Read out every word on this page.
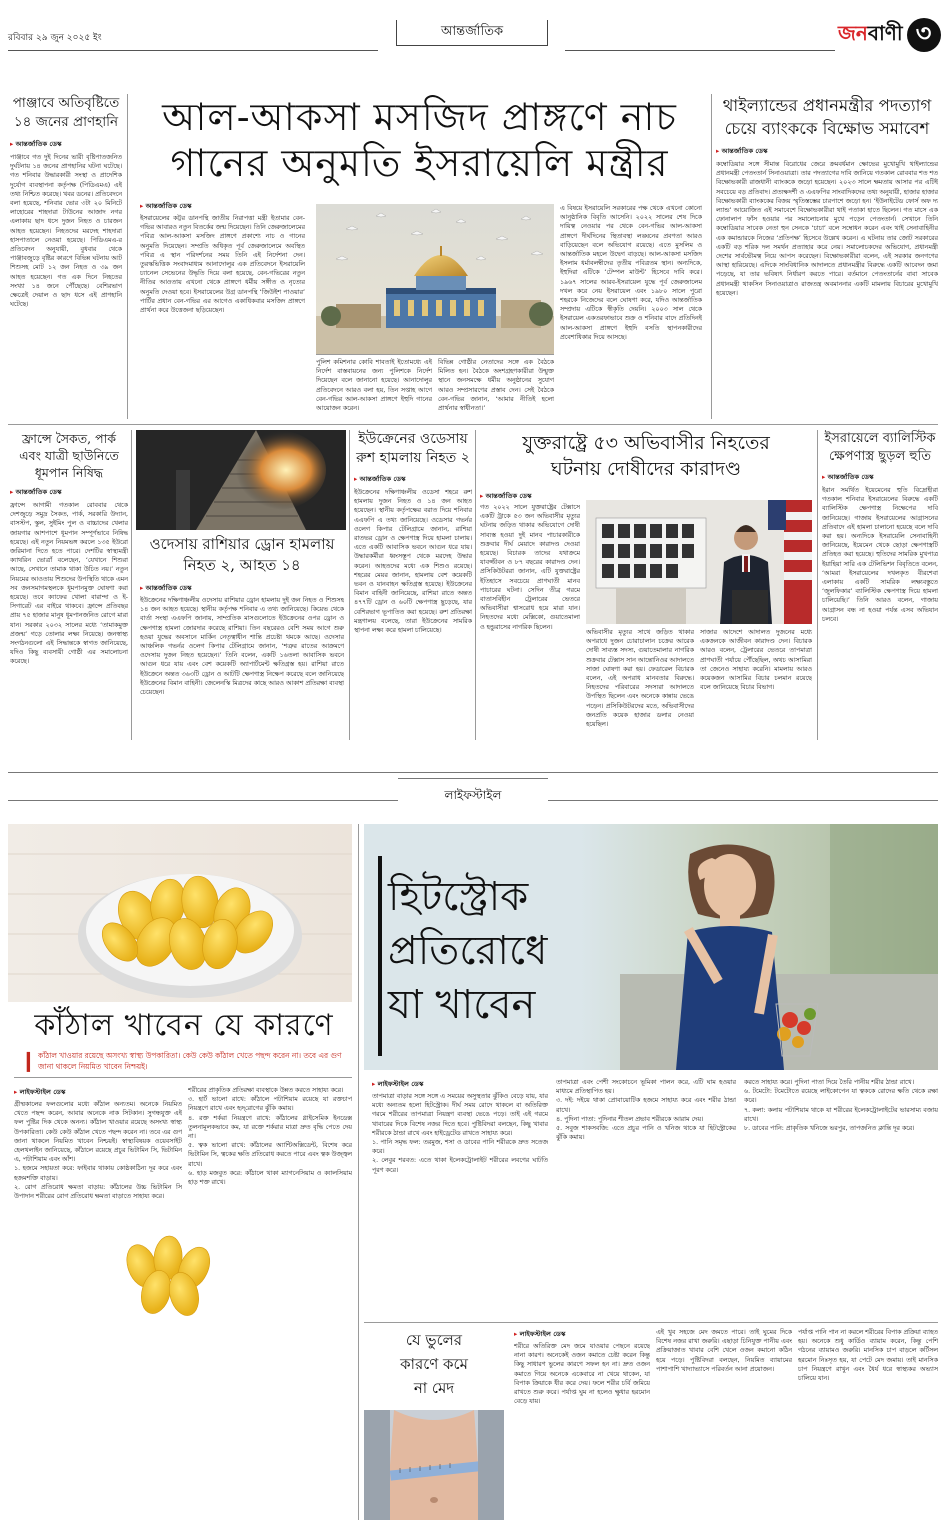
রবিবার ২৯ জুন ২০২৫ ইং	আন্তর্জাতিক	জন বাণী ৩
পাঞ্জাবে অতিবৃষ্টিতে ১৪ জনের প্রাণহানি
▸ আন্তর্জাতিক ডেস্ক
পাঞ্জাবে গত দুই দিনের ভারী বৃষ্টিপাতজনিত দুর্ঘটনায় ১৪ জনের প্রাণহানির ঘটনা ঘটেছে। গত শনিবার উদ্ধারকারী সংস্থা ও প্রাদেশিক দুর্যোগ ব্যবস্থাপনা কর্তৃপক্ষ (পিডিএমএ) এই তথ্য নিশ্চিত করেছে। খবর ডনের। প্রতিবেদনে বলা হয়েছে, শনিবার ভোর ৩টা ২০ মিনিটে লাহোরের শাহদারা টাউনের আজাদ নগর এলাকায় ছাদ ধসে দুজন নিহত ও চারজন আহত হয়েছেন। নিহতদের মরদেহ শাহদারা হাসপাতালে নেওয়া হয়েছে। পিডিএমএ-র প্রতিবেদন অনুযায়ী, বুধবার থেকে পাঞ্জাবজুড়ে বৃষ্টির কারণে বিভিন্ন ঘটনায় আট শিশুসহ মোট ১২ জন নিহত ও ৩৯ জন আহত হয়েছেন। গত এক দিনে নিহতের সংখ্যা ১৪ জনে পৌঁছেছে। বেশিরভাগ ক্ষেত্রেই দেয়াল ও ছাদ ধসে এই প্রাণহানি ঘটেছে।
আল-আকসা মসজিদ প্রাঙ্গণে নাচ
গানের অনুমতি ইসরায়েলি মন্ত্রীর
▸ আন্তর্জাতিক ডেস্ক
ইসরায়েলের কট্টর ডানপন্থি জাতীয় নিরাপত্তা মন্ত্রী ইতামার বেন-গভির আবারও নতুন বিতর্কের জন্ম দিয়েছেন। তিনি জেরুজালেমের পবিত্র আল-আকসা মসজিদ প্রাঙ্গণে প্রকাশ্যে নাচ ও গানের অনুমতি দিয়েছেন। সম্প্রতি অধিকৃত পূর্ব জেরুজালেমে অবস্থিত পবিত্র এ স্থান পরিদর্শনের সময় তিনি এই নির্দেশনা দেন। তুরস্কভিত্তিক সংবাদমাধ্যম আনাদোলুর এক প্রতিবেদনে ইসরায়েলি চ্যানেল সেভেনের উদ্ধৃতি দিয়ে বলা হয়েছে, বেন-গভিরের নতুন নীতির আওতায় এখনো থেকে প্রাঙ্গণে ধর্মীয় সঙ্গীত ও নৃত্যের অনুমতি দেওয়া হবে। ইসরায়েলের উগ্র ডানপন্থি ‘জিউইশ পাওয়ার’ পার্টির প্রধান বেন-গভির এর আগেও একাধিকবার মসজিদ প্রাঙ্গণে প্রার্থনা করে উত্তেজনা ছড়িয়েছেন।
পুলিশ কমিশনার কোবি শাবতাই ইতোমধ্যে এই নির্দেশ বাস্তবায়নের জন্য পুলিশকে নির্দেশ দিয়েছেন বলে জানানো হয়েছে। আনাদোলুর প্রতিবেদনে আরও বলা হয়, তিন সপ্তাহ আগে বেন-গভির আল-আকসা প্রাঙ্গণে ইহুদি গানের আয়োজন করেন।
বিভিন্ন গোষ্ঠীর নেতাদের সঙ্গে এক বৈঠকে মিলিত হন। বৈঠকে অংশগ্রহণকারীরা উন্মুক্ত স্থানে জনসমক্ষে ধর্মীয় অনুষ্ঠানের সুযোগ আরও সম্প্রসারণের প্রস্তাব দেন। সেই বৈঠকে বেন-গভির জানান, ‘আমার নীতিই হলো প্রার্থনার স্বাধীনতা।’
এ বিষয়ে ইসরায়েলি সরকারের পক্ষ থেকে এখনো কোনো আনুষ্ঠানিক বিবৃতি আসেনি। ২০২২ সালের শেষ দিকে দায়িত্ব নেওয়ার পর থেকে বেন-গভির আল-আকসা প্রাঙ্গণে দীর্ঘদিনের স্থিতাবস্থা লঙ্ঘনের প্রবণতা আরও বাড়িয়েছেন বলে অভিযোগ রয়েছে। এতে মুসলিম ও আন্তর্জাতিক মহলে উদ্বেগ বাড়ছে। আল-আকসা মসজিদ ইসলাম ধর্মাবলম্বীদের তৃতীয় পবিত্রতম স্থান। অন্যদিকে, ইহুদিরা এটিকে ‘টেম্পল মাউন্ট’ হিসেবে দাবি করে। ১৯৬৭ সালের আরব-ইসরায়েল যুদ্ধে পূর্ব জেরুজালেম দখল করে নেয় ইসরায়েল এবং ১৯৮০ সালে পুরো শহরকে নিজেদের বলে ঘোষণা করে, যদিও আন্তর্জাতিক সম্প্রদায় এটিকে স্বীকৃতি দেয়নি। ২০০৩ সাল থেকে ইসরায়েল একতরফাভাবে শুক্র ও শনিবার বাদে প্রতিদিনই আল-আকসা প্রাঙ্গণে ইহুদি বসতি স্থাপনকারীদের প্রবেশাধিকার দিয়ে আসছে।
থাইল্যান্ডের প্রধানমন্ত্রীর পদত্যাগ চেয়ে ব্যাংককে বিক্ষোভ সমাবেশ
▸ আন্তর্জাতিক ডেস্ক
কম্বোডিয়ার সঙ্গে সীমান্ত বিরোধের জেরে ক্রমবর্ধমান ক্ষোভের মুখোমুখি থাইল্যান্ডের প্রধানমন্ত্রী পেতংতার্ন সিনাওয়াত্রা। তার পদত্যাগের দাবি জানিয়ে গতকাল রোববার শত শত বিক্ষোভকারী রাজধানী ব্যাংককে জড়ো হয়েছেন। ২০২৩ সালে ক্ষমতায় আসার পর এটিই সবচেয়ে বড় প্রতিবাদ। প্রত্যক্ষদর্শী ও এএফপির সাংবাদিকদের তথ্য অনুযায়ী, হাজার হাজার বিক্ষোভকারী ব্যাংককের বিজয় স্মৃতিস্তম্ভের চারপাশে জড়ো হন। ‘ইউনাইটেড ফোর্স অফ দ্য ল্যান্ড’ আয়োজিত এই সমাবেশে বিক্ষোভকারীরা থাই পতাকা হাতে ছিলেন। গত মাসে এক ফোনালাপ ফাঁস হওয়ার পর সমালোচনার মুখে পড়েন পেতংতার্ন। সেখানে তিনি কম্বোডিয়ার সাবেক নেতা হুন সেনকে ‘চাচা’ বলে সম্বোধন করেন এবং থাই সেনাবাহিনীর এক কমান্ডারকে নিজের ‘প্রতিপক্ষ’ হিসেবে উল্লেখ করেন। এ ঘটনায় তার জোট সরকারের একটি বড় শরিক দল সমর্থন প্রত্যাহার করে নেয়। সমালোচকদের অভিযোগ, প্রধানমন্ত্রী দেশের সার্বভৌমত্ব নিয়ে আপস করেছেন। বিক্ষোভকারীরা বলেন, এই সরকার জনগণের আস্থা হারিয়েছে। এদিকে সাংবিধানিক আদালতে প্রধানমন্ত্রীর বিরুদ্ধে একটি আবেদন জমা পড়েছে, যা তার ভবিষ্যৎ নির্ধারণ করতে পারে। বর্তমানে পেতংতার্নের বাবা সাবেক প্রধানমন্ত্রী থাকসিন সিনাওয়াত্রাও রাজতন্ত্র অবমাননার একটি মামলায় বিচারের মুখোমুখি হয়েছেন।
ফ্রান্সে সৈকত, পার্ক এবং যাত্রী ছাউনিতে ধূমপান নিষিদ্ধ
▸ আন্তর্জাতিক ডেস্ক
ফ্রান্সে আগামী গতকাল রোববার থেকে দেশজুড়ে সমুদ্র সৈকত, পার্ক, সরকারি উদ্যান, বাসস্টপ, স্কুল, সুইমিং পুল ও বাচ্চাদের খেলার জায়গার আশপাশে ধূমপান সম্পূর্ণভাবে নিষিদ্ধ হয়েছে। এই নতুন নিয়মভঙ্গ করলে ১৩৫ ইউরো জরিমানা দিতে হতে পারে। দেশটির স্বাস্থ্যমন্ত্রী ক্যাথরিন ভোত্রাঁ বলেছেন, ‘যেখানে শিশুরা আছে, সেখানে তামাক থাকা উচিত নয়।’ নতুন নিয়মের আওতায় শিশুদের উপস্থিতি থাকে এমন সব জনসমাগমস্থলকে ধূমপানমুক্ত ঘোষণা করা হয়েছে। তবে ক্যাফের খোলা বারান্দা ও ই-সিগারেট এর বাইরে থাকবে। ফ্রান্সে প্রতিবছর প্রায় ৭৫ হাজার মানুষ ধূমপানজনিত রোগে মারা যান। সরকার ২০৩২ সালের মধ্যে ‘তামাকমুক্ত প্রজন্ম’ গড়ে তোলার লক্ষ্য নিয়েছে। জনস্বাস্থ্য সংগঠনগুলো এই সিদ্ধান্তকে স্বাগত জানিয়েছে, যদিও কিছু ব্যবসায়ী গোষ্ঠী এর সমালোচনা করেছে।
ওদেসায় রাশিয়ার ড্রোন হামলায় নিহত ২, আহত ১৪
▸ আন্তর্জাতিক ডেস্ক
ইউক্রেনের দক্ষিণাঞ্চলীয় ওদেসায় রাশিয়ার ড্রোন হামলায় দুই জন নিহত ও শিশুসহ ১৪ জন আহত হয়েছে। স্থানীয় কর্তৃপক্ষ শনিবার এ তথ্য জানিয়েছে। কিয়েভ থেকে বার্তা সংস্থা এএফপি জানায়, সাম্প্রতিক মাসগুলোতে ইউক্রেনের ওপর ড্রোন ও ক্ষেপণাস্ত্র হামলা জোরদার করেছে রাশিয়া। তিন বছরেরও বেশি সময় আগে শুরু হওয়া যুদ্ধের অবসানে মার্কিন নেতৃত্বাধীন শান্তি প্রচেষ্টা থমকে আছে। ওদেসার আঞ্চলিক গভর্নর ওলেগ কিপার টেলিগ্রামে জানান, ‘শত্রুর রাতের আক্রমণে ওদেসায় দুজন নিহত হয়েছেন।’ তিনি বলেন, একটি ১৬তলা আবাসিক ভবনে আগুন ধরে যায় এবং বেশ কয়েকটি অ্যাপার্টমেন্ট ক্ষতিগ্রস্ত হয়। রাশিয়া রাতে ইউক্রেনে অন্তত ৩৬৩টি ড্রোন ও আটটি ক্ষেপণাস্ত্র নিক্ষেপ করেছে বলে জানিয়েছে ইউক্রেনের বিমান বাহিনী। জেলেনস্কি মিত্রদের কাছে আরও আকাশ প্রতিরক্ষা ব্যবস্থা চেয়েছেন।
ইউক্রেনের ওডেসায় রুশ হামলায় নিহত ২
▸ আন্তর্জাতিক ডেস্ক
ইউক্রেনের দক্ষিণাঞ্চলীয় ওডেসা শহরে রুশ হামলায় দুজন নিহত ও ১৪ জন আহত হয়েছেন। স্থানীয় কর্তৃপক্ষের বরাত দিয়ে শনিবার এএফপি এ তথ্য জানিয়েছে। ওডেসার গভর্নর ওলেগ কিপার টেলিগ্রামে জানান, রাশিয়া রাতভর ড্রোন ও ক্ষেপণাস্ত্র দিয়ে হামলা চালায়। এতে একটি আবাসিক ভবনে আগুন ধরে যায়। উদ্ধারকর্মীরা ধ্বংসস্তূপ থেকে মরদেহ উদ্ধার করেন। আহতদের মধ্যে এক শিশুও রয়েছে। শহরের মেয়র জানান, হামলায় বেশ কয়েকটি ভবন ও যানবাহন ক্ষতিগ্রস্ত হয়েছে। ইউক্রেনের বিমান বাহিনী জানিয়েছে, রাশিয়া রাতে অন্তত ৪৭৭টি ড্রোন ও ৬০টি ক্ষেপণাস্ত্র ছুড়েছে, যার বেশিরভাগ ভূপাতিত করা হয়েছে। রুশ প্রতিরক্ষা মন্ত্রণালয় বলেছে, তারা ইউক্রেনের সামরিক স্থাপনা লক্ষ্য করে হামলা চালিয়েছে।
যুক্তরাষ্ট্রে ৫৩ অভিবাসীর নিহতের
ঘটনায় দোষীদের কারাদণ্ড
▸ আন্তর্জাতিক ডেস্ক
গত ২০২২ সালে যুক্তরাষ্ট্রের টেক্সাসে একটি ট্রাকে ৫৩ জন অভিবাসীর মৃত্যুর ঘটনায় জড়িত থাকার অভিযোগে দোষী সাব্যস্ত হওয়া দুই মানব পাচারকারীকে শুক্রবার দীর্ঘ মেয়াদে কারাদণ্ড দেওয়া হয়েছে। বিচারক তাদের যথাক্রমে যাবজ্জীবন ও ৮৭ বছরের কারাদণ্ড দেন। প্রসিকিউটররা জানান, এটি যুক্তরাষ্ট্রের ইতিহাসে সবচেয়ে প্রাণঘাতী মানব পাচারের ঘটনা। সেদিন তীব্র গরমে বাতাসবিহীন ট্রেলারের ভেতরে অভিবাসীরা শ্বাসরোধ হয়ে মারা যান। নিহতদের মধ্যে মেক্সিকো, গুয়াতেমালা ও হন্ডুরাসের নাগরিক ছিলেন।
অভিবাসীর মৃত্যুর সাথে জড়িত থাকার অপরাধে দুজন চোরাচালান চক্রের আরেক দোষী সাব্যস্ত সদস্য, গুয়াতেমালার নাগরিক শুক্রবার টেক্সাস সান আন্তোনিওর আদালতে সাজা ঘোষণা করা হয়। ফেডারেল বিচারক বলেন, এই অপরাধ মানবতার বিরুদ্ধে। নিহতদের পরিবারের সদস্যরা আদালতে উপস্থিত ছিলেন এবং অনেকে কান্নায় ভেঙে পড়েন। প্রসিকিউটরদের মতে, অভিবাসীদের জনপ্রতি কয়েক হাজার ডলার নেওয়া হয়েছিল।
সাজার আদেশে আদালত দুজনের মধ্যে একজনকে আজীবন কারাদণ্ড দেন। বিচারক আরও বলেন, ট্রেলারের ভেতরে তাপমাত্রা প্রাণঘাতী পর্যায়ে পৌঁছেছিল, অথচ আসামিরা তা জেনেও সাহায্য করেনি। মামলায় আরও কয়েকজন আসামির বিচার চলমান রয়েছে বলে জানিয়েছে বিচার বিভাগ।
ইসরায়েলে ব্যালিস্টিক ক্ষেপণাস্ত্র ছুড়ল হুতি
▸ আন্তর্জাতিক ডেস্ক
ইরান সমর্থিত ইয়েমেনের হুতি বিদ্রোহীরা গতকাল শনিবার ইসরায়েলের বিরুদ্ধে একটি ব্যালিস্টিক ক্ষেপণাস্ত্র নিক্ষেপের দাবি জানিয়েছে। গাজায় ইসরায়েলের আগ্রাসনের প্রতিবাদে এই হামলা চালানো হয়েছে বলে দাবি করা হয়। অন্যদিকে ইসরায়েলি সেনাবাহিনী জানিয়েছে, ইয়েমেন থেকে ছোড়া ক্ষেপণাস্ত্রটি প্রতিহত করা হয়েছে। হুতিদের সামরিক মুখপাত্র ইয়াহিয়া সারি এক টেলিভিশন বিবৃতিতে বলেন, ‘আমরা ইসরায়েলের দখলকৃত বীরশেবা এলাকায় একটি সামরিক লক্ষ্যবস্তুতে ‘জুলফিকার’ ব্যালিস্টিক ক্ষেপণাস্ত্র দিয়ে হামলা চালিয়েছি।’ তিনি আরও বলেন, গাজায় আগ্রাসন বন্ধ না হওয়া পর্যন্ত এসব অভিযান চলবে।
লাইফস্টাইল
কাঁঠাল খাবেন যে কারণে
❙ কাঁঠাল খাওয়ার রয়েছে অসংখ্য স্বাস্থ্য উপকারিতা। কেউ কেউ কাঁঠাল খেতে পছন্দ করেন না। তবে এর গুণ জানা থাকলে নিয়মিত খাবেন নিশ্চয়ই।
▸ লাইফস্টাইল ডেস্ক
গ্রীষ্মকালের ফলগুলোর মধ্যে কাঁঠাল অন্যতম। অনেকে নিয়মিত খেতে পছন্দ করেন, আবার অনেকে নাক সিটকান। সুগন্ধযুক্ত এই ফল পুষ্টির দিক থেকে অনন্য। কাঁঠাল খাওয়ার রয়েছে অসংখ্য স্বাস্থ্য উপকারিতা। কেউ কেউ কাঁঠাল খেতে পছন্দ করেন না। তবে এর গুণ জানা থাকলে নিয়মিত খাবেন নিশ্চয়ই। স্বাস্থ্যবিষয়ক ওয়েবসাইট হেলথলাইন জানিয়েছে, কাঁঠালে রয়েছে প্রচুর ভিটামিন সি, ভিটামিন এ, পটাশিয়াম এবং আঁশ।
১. হজমে সহায়তা করে: ফাইবার থাকায় কোষ্ঠকাঠিন্য দূর করে এবং হজমশক্তি বাড়ায়।
২. রোগ প্রতিরোধ ক্ষমতা বাড়ায়: কাঁঠালের উচ্চ ভিটামিন সি উপাদান শরীরের রোগ প্রতিরোধ ক্ষমতা বাড়াতে সাহায্য করে।
শরীরের প্রাকৃতিক প্রতিরক্ষা ব্যবস্থাকে উন্নত করতে সাহায্য করে।
৩. হার্ট ভালো রাখে: কাঁঠালে পটাশিয়াম রয়েছে যা রক্তচাপ নিয়ন্ত্রণে রাখে এবং হৃদ্‌রোগের ঝুঁকি কমায়।
৪. রক্ত শর্করা নিয়ন্ত্রণে রাখে: কাঁঠালের গ্লাইসেমিক ইনডেক্স তুলনামূলকভাবে কম, যা রক্তে শর্করার মাত্রা দ্রুত বৃদ্ধি পেতে দেয় না।
৫. ত্বক ভালো রাখে: কাঁঠালের অ্যান্টিঅক্সিডেন্ট, বিশেষ করে ভিটামিন সি, ত্বকের ক্ষতি প্রতিরোধ করতে পারে এবং ত্বক উজ্জ্বল রাখে।
৬. হাড় মজবুত করে: কাঁঠালে থাকা ম্যাগনেসিয়াম ও ক্যালসিয়াম হাড় শক্ত রাখে।
হিটস্ট্রোক
প্রতিরোধে
যা খাবেন
▸ লাইফস্টাইল ডেস্ক
তাপমাত্রা বাড়ার সঙ্গে সঙ্গে এ সময়ের অসুস্থতার ঝুঁকিও বেড়ে যায়, যার মধ্যে অন্যতম হলো হিটস্ট্রোক। দীর্ঘ সময় রোদে থাকলে বা অতিরিক্ত গরমে শরীরের তাপমাত্রা নিয়ন্ত্রণ ব্যবস্থা ভেঙে পড়ে। তাই এই গরমে খাবারের দিকে বিশেষ নজর দিতে হবে। পুষ্টিবিদরা বলছেন, কিছু খাবার শরীরকে ঠান্ডা রাখে এবং হাইড্রেটেড রাখতে সাহায্য করে।
১. পানি সমৃদ্ধ ফল: তরমুজ, শসা ও ডাবের পানি শরীরকে দ্রুত সতেজ করে।
২. লেবুর শরবত: এতে থাকা ইলেকট্রোলাইট শরীরের লবণের ঘাটতি পূরণ করে।
তাপমাত্রা এবং পেশী সংকোচনে ভূমিকা পালন করে, এটি ঘাম হওয়ার মাধ্যমে প্রতিস্থাপিত হয়।
৩. দই: দইয়ে থাকা প্রোবায়োটিক হজমে সাহায্য করে এবং শরীর ঠান্ডা রাখে।
৪. পুদিনা পাতা: পুদিনার শীতল প্রভাব শরীরকে আরাম দেয়।
৫. সবুজ শাকসবজি: এতে প্রচুর পানি ও খনিজ থাকে যা হিটস্ট্রোকের ঝুঁকি কমায়।
করতে সাহায্য করে। পুদিনা পাতা দিয়ে তৈরি পানীয় শরীর ঠান্ডা রাখে।
৬. টমেটো: টমেটোতে রয়েছে লাইকোপেন যা ত্বককে রোদের ক্ষতি থেকে রক্ষা করে।
৭. কলা: কলায় পটাশিয়াম থাকে যা শরীরের ইলেকট্রোলাইটের ভারসাম্য বজায় রাখে।
৮. ডাবের পানি: প্রাকৃতিক খনিজে ভরপুর, তাপজনিত ক্লান্তি দূর করে।
যে ভুলের
কারণে কমে
না মেদ
▸ লাইফস্টাইল ডেস্ক
শরীরে অতিরিক্ত মেদ জমে যাওয়ার পেছনে রয়েছে নানা কারণ। অনেকেই ওজন কমাতে চেষ্টা করেন কিন্তু কিছু সাধারণ ভুলের কারণে সফল হন না। দ্রুত ওজন কমাতে গিয়ে অনেকে একেবারে না খেয়ে থাকেন, যা বিপাক ক্রিয়াকে ধীর করে দেয়। ফলে শরীর চর্বি জমিয়ে রাখতে শুরু করে। পর্যাপ্ত ঘুম না হলেও ক্ষুধার হরমোন বেড়ে যায়।
এই খুব সহজে মেদ জমতে পারে। তাই ঘুমের দিকে বিশেষ নজর রাখা জরুরি। এছাড়া চিনিযুক্ত পানীয় এবং প্রক্রিয়াজাত খাবার বেশি খেলে ওজন কমানো কঠিন হয়ে পড়ে। পুষ্টিবিদরা বলছেন, নিয়মিত ব্যায়ামের পাশাপাশি খাদ্যাভ্যাসে পরিবর্তন আনা প্রয়োজন।
পর্যাপ্ত পানি পান না করলে শরীরের বিপাক প্রক্রিয়া ব্যাহত হয়। অনেকে শুধু কার্ডিও ব্যায়াম করেন, কিন্তু পেশি গঠনের ব্যায়ামও জরুরি। মানসিক চাপ বাড়লে কর্টিসল হরমোন নিঃসৃত হয়, যা পেটে মেদ জমায়। তাই মানসিক চাপ নিয়ন্ত্রণে রাখুন এবং ধৈর্য ধরে স্বাস্থ্যকর অভ্যাস চালিয়ে যান।
